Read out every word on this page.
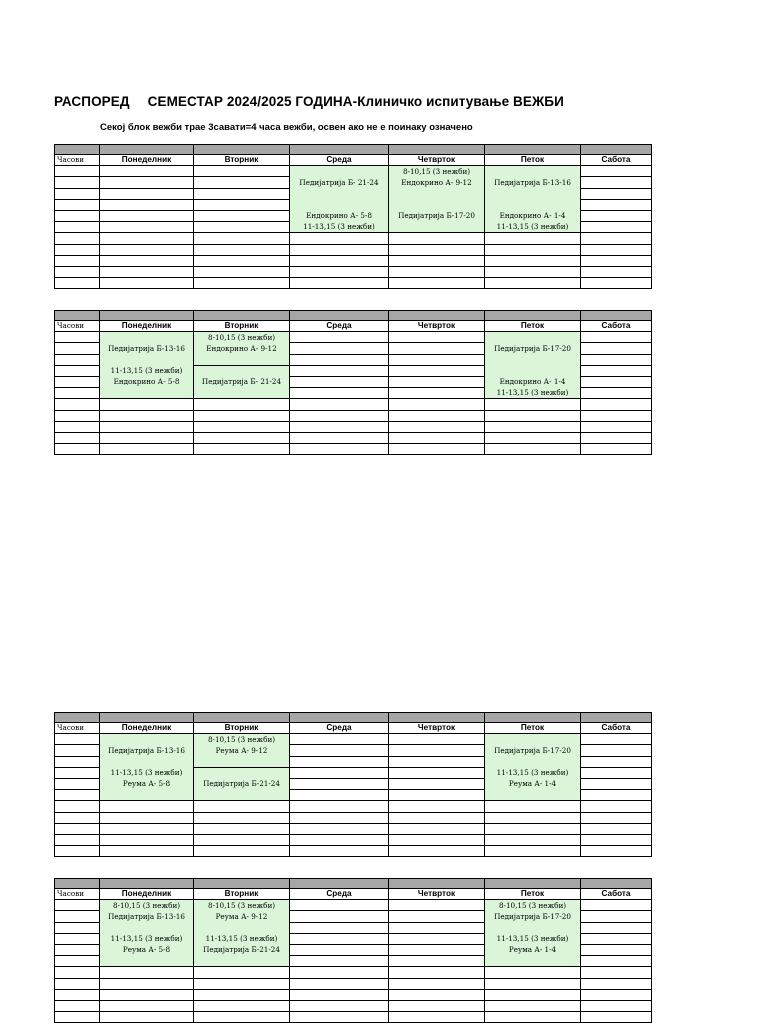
РАСПОРЕД СЕМЕСТАР 2024/2025 ГОДИНА-Клиничко испитување ВЕЖБИ
Секој блок вежби трае 3савати=4 часа вежби, освен ако не е поинаку означено

Часови	Понеделник	Вторник	Среда	Четврток	Петок	Сабота
				8-10,15 (3 нежби)		
			Педијатрија Б- 21-24	Ендокрино А- 9-12	Педијатрија Б-13-16	

			Ендокрино А- 5-8	Педијатрија Б-17-20	Ендокрино А- 1-4	
			11-13,15 (3 нежби)		11-13,15 (3 нежби)	

Часови	Понеделник	Вторник	Среда	Четврток	Петок	Сабота
		8-10,15 (3 нежби)				
	Педијатрија Б-13-16	Ендокрино А- 9-12			Педијатрија Б-17-20	

	11-13,15 (3 нежби)					
	Ендокрино А- 5-8	Педијатрија Б- 21-24			Ендокрино А- 1-4	
					11-13,15 (3 нежби)	

Часови	Понеделник	Вторник	Среда	Четврток	Петок	Сабота
		8-10,15 (3 нежби)				
	Педијатрија Б-13-16	Реума А- 9-12			Педијатрија Б-17-20	

	11-13,15 (3 нежби)				11-13,15 (3 нежби)	
	Реума А- 5-8	Педијатрија Б-21-24			Реума А- 1-4	

Часови	Понеделник	Вторник	Среда	Четврток	Петок	Сабота
	8-10,15 (3 нежби)	8-10,15 (3 нежби)			8-10,15 (3 нежби)	
	Педијатрија Б-13-16	Реума А- 9-12			Педијатрија Б-17-20	

	11-13,15 (3 нежби)	11-13,15 (3 нежби)			11-13,15 (3 нежби)	
	Реума А- 5-8	Педијатрија Б-21-24			Реума А- 1-4	
